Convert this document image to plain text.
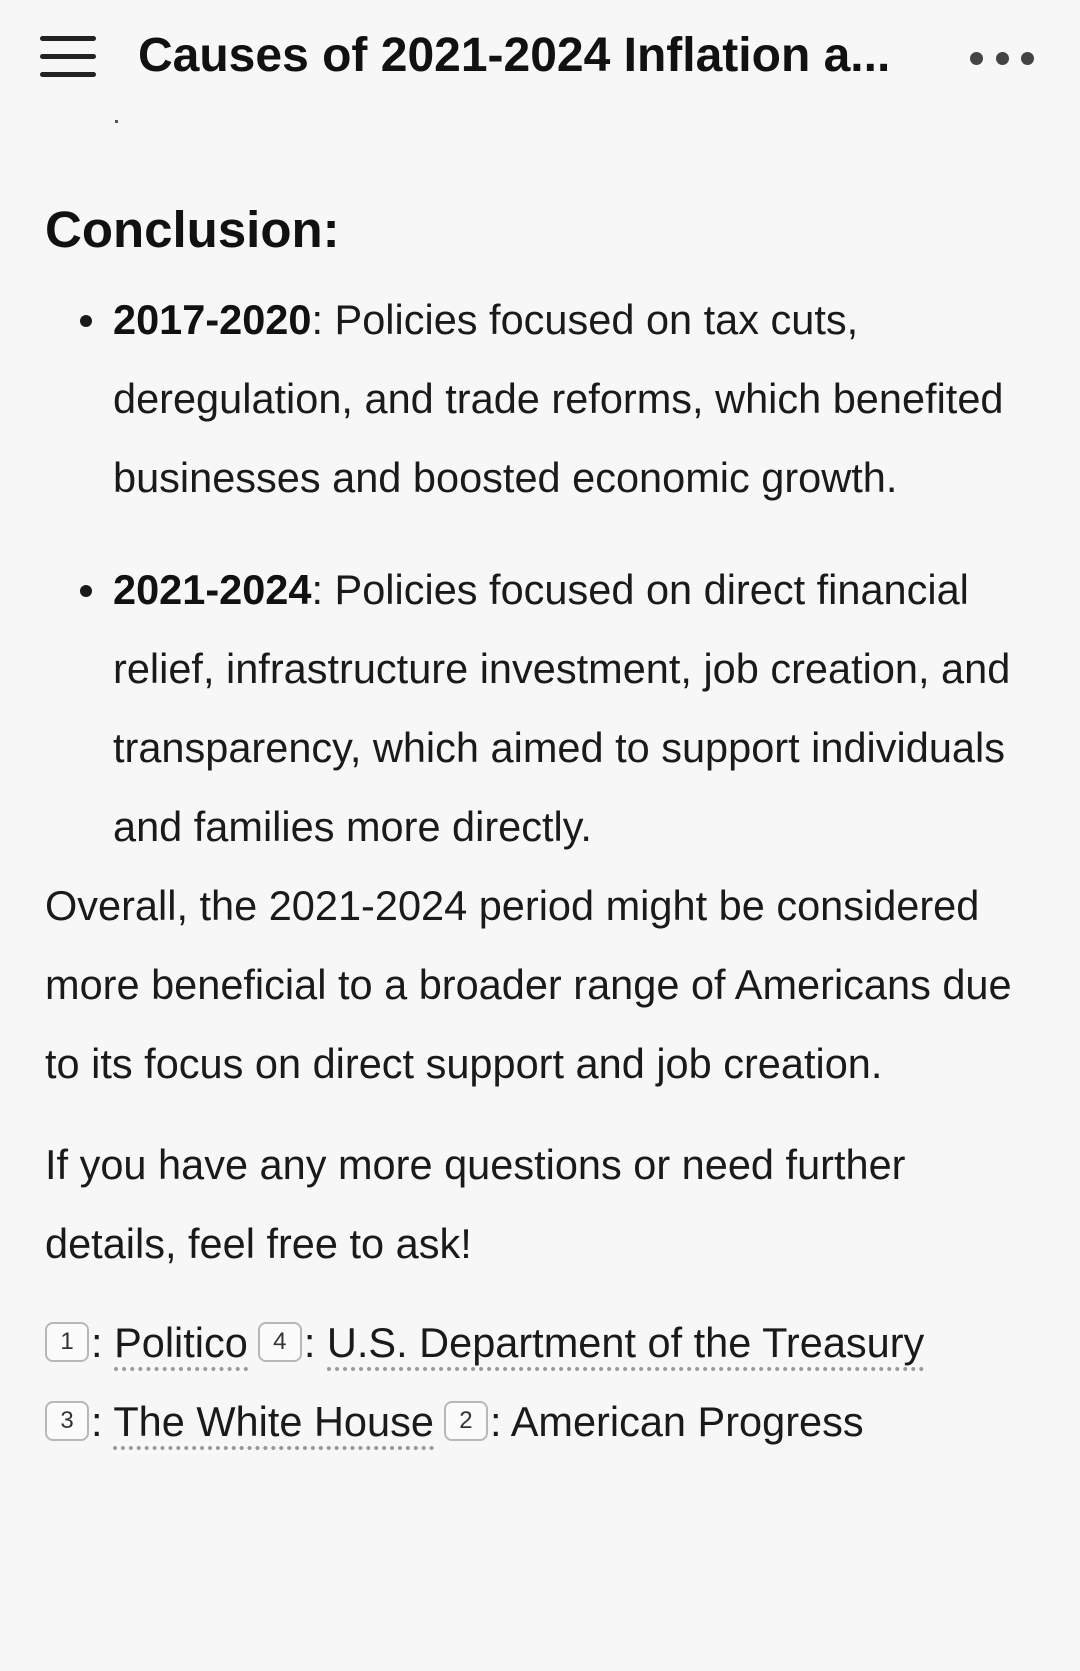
Causes of 2021-2024 Inflation a...
Conclusion:
2017-2020: Policies focused on tax cuts, deregulation, and trade reforms, which benefited businesses and boosted economic growth.
2021-2024: Policies focused on direct financial relief, infrastructure investment, job creation, and transparency, which aimed to support individuals and families more directly.

Overall, the 2021-2024 period might be considered more beneficial to a broader range of Americans due to its focus on direct support and job creation.

If you have any more questions or need further details, feel free to ask!

1 : Politico 4 : U.S. Department of the Treasury
3 : The White House 2 : American Progress
